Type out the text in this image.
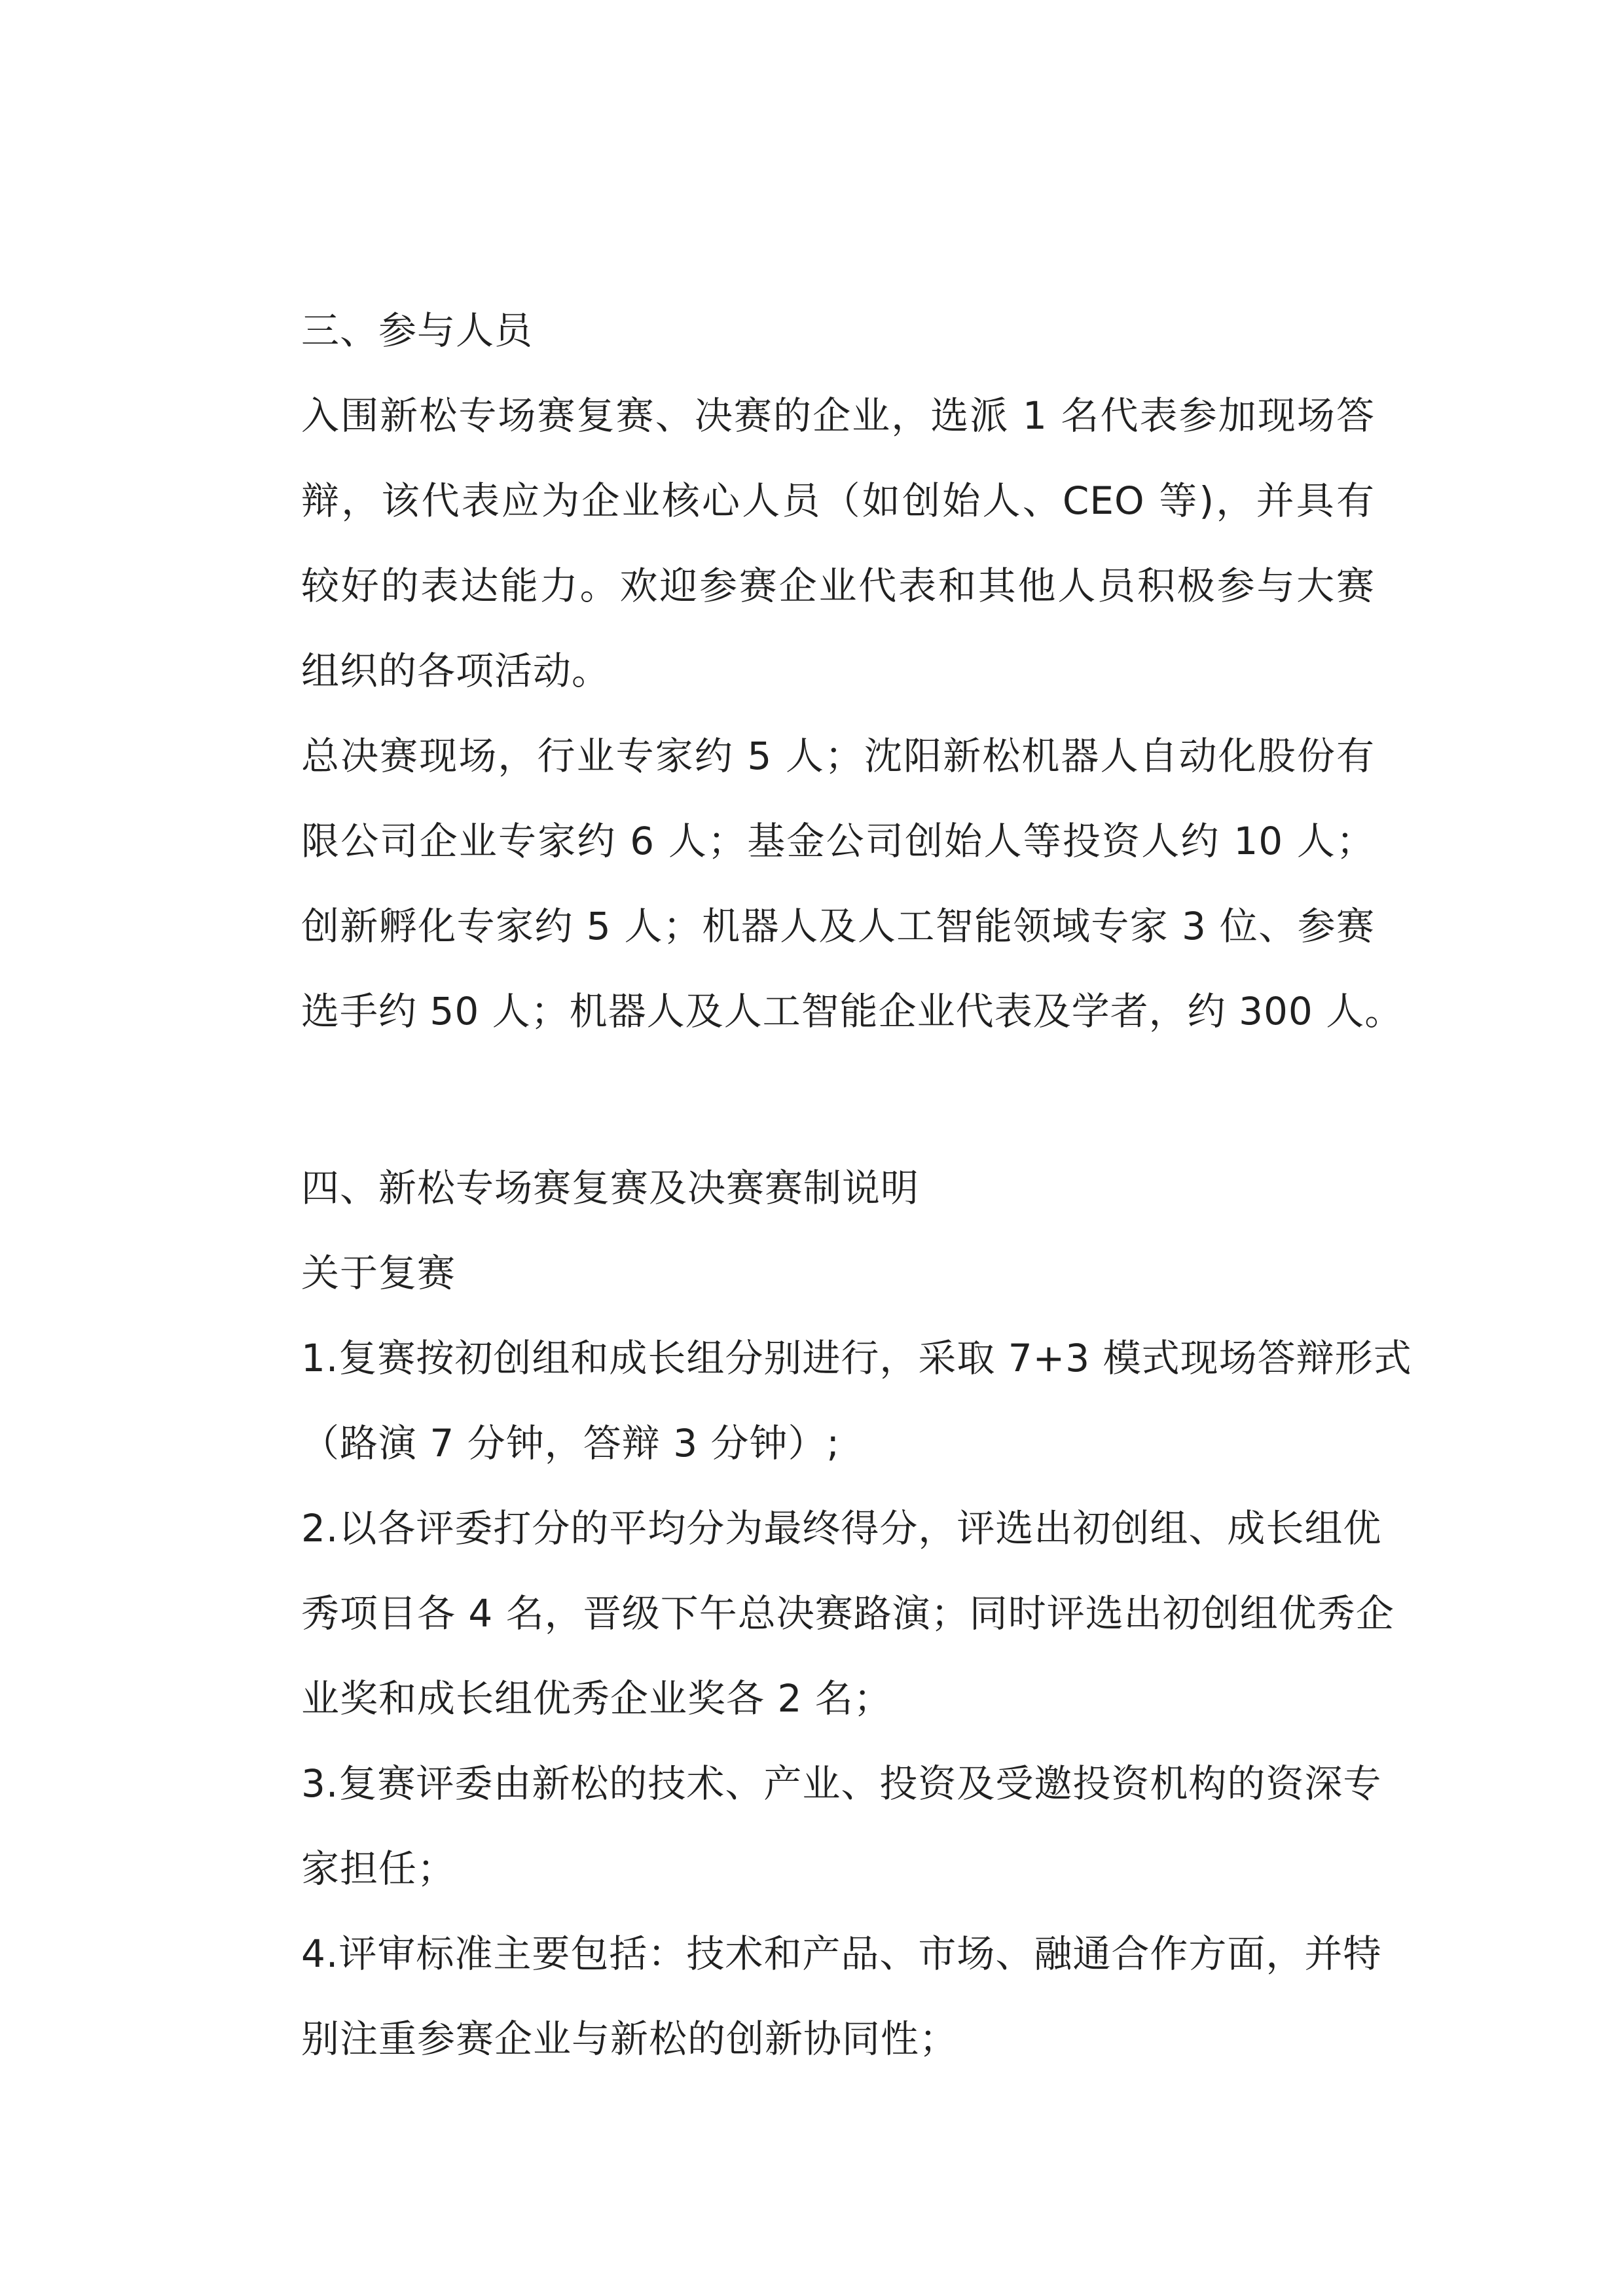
三、参与人员
入围新松专场赛复赛、决赛的企业，选派 1 名代表参加现场答
辩，该代表应为企业核心人员（如创始人、CEO 等)，并具有
较好的表达能力。欢迎参赛企业代表和其他人员积极参与大赛
组织的各项活动。
总决赛现场，行业专家约 5 人；沈阳新松机器人自动化股份有
限公司企业专家约 6 人；基金公司创始人等投资人约 10 人；
创新孵化专家约 5 人；机器人及人工智能领域专家 3 位、参赛
选手约 50 人；机器人及人工智能企业代表及学者，约 300 人。
四、新松专场赛复赛及决赛赛制说明
关于复赛
1.复赛按初创组和成长组分别进行，采取 7+3 模式现场答辩形式
（路演 7 分钟，答辩 3 分钟）;
2.以各评委打分的平均分为最终得分，评选出初创组、成长组优
秀项目各 4 名，晋级下午总决赛路演；同时评选出初创组优秀企
业奖和成长组优秀企业奖各 2 名；
3.复赛评委由新松的技术、产业、投资及受邀投资机构的资深专
家担任；
4.评审标准主要包括：技术和产品、市场、融通合作方面，并特
别注重参赛企业与新松的创新协同性；
